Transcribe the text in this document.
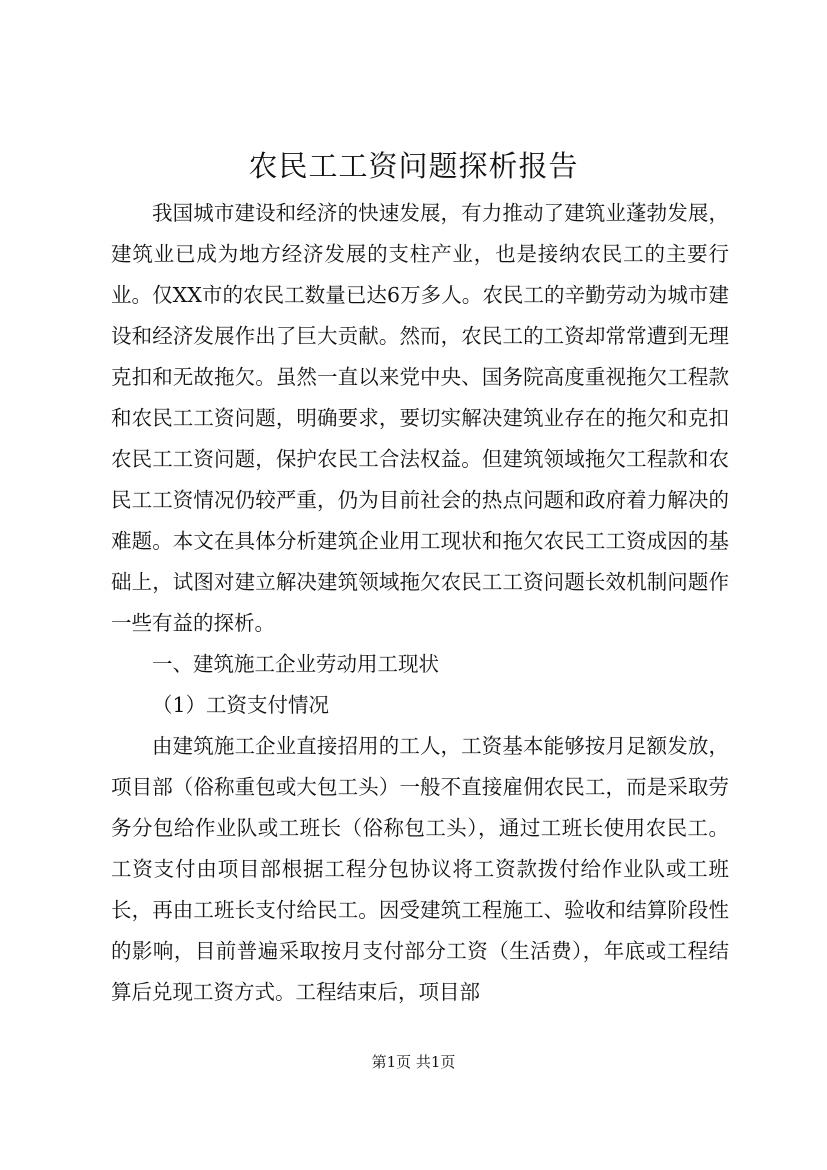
农民工工资问题探析报告

我国城市建设和经济的快速发展，有力推动了建筑业蓬勃发展，建筑业已成为地方经济发展的支柱产业，也是接纳农民工的主要行业。仅XX市的农民工数量已达6万多人。农民工的辛勤劳动为城市建设和经济发展作出了巨大贡献。然而，农民工的工资却常常遭到无理克扣和无故拖欠。虽然一直以来党中央、国务院高度重视拖欠工程款和农民工工资问题，明确要求，要切实解决建筑业存在的拖欠和克扣农民工工资问题，保护农民工合法权益。但建筑领域拖欠工程款和农民工工资情况仍较严重，仍为目前社会的热点问题和政府着力解决的难题。本文在具体分析建筑企业用工现状和拖欠农民工工资成因的基础上，试图对建立解决建筑领域拖欠农民工工资问题长效机制问题作一些有益的探析。

一、建筑施工企业劳动用工现状

（1）工资支付情况

由建筑施工企业直接招用的工人，工资基本能够按月足额发放，项目部（俗称重包或大包工头）一般不直接雇佣农民工，而是采取劳务分包给作业队或工班长（俗称包工头），通过工班长使用农民工。工资支付由项目部根据工程分包协议将工资款拨付给作业队或工班长，再由工班长支付给民工。因受建筑工程施工、验收和结算阶段性的影响，目前普遍采取按月支付部分工资（生活费），年底或工程结算后兑现工资方式。工程结束后，项目部

第1页 共1页
